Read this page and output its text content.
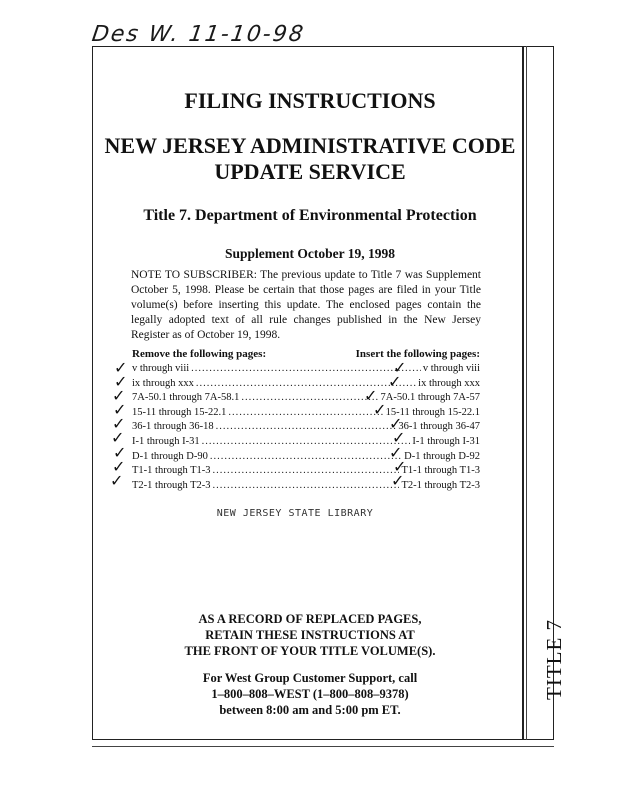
Des W. 11-10-98
FILING INSTRUCTIONS
NEW JERSEY ADMINISTRATIVE CODE
UPDATE SERVICE
Title 7. Department of Environmental Protection
Supplement October 19, 1998
NOTE TO SUBSCRIBER: The previous update to Title 7 was Supplement October 5, 1998. Please be certain that those pages are filed in your Title volume(s) before inserting this update. The enclosed pages contain the legally adopted text of all rule changes published in the New Jersey Register as of October 19, 1998.
Remove the following pages:	Insert the following pages:
v through viii .....	v through viii
ix through xxx .....	ix through xxx
7A-50.1 through 7A-58.1 .....	7A-50.1 through 7A-57
15-11 through 15-22.1 .....	15-11 through 15-22.1
36-1 through 36-18 .....	36-1 through 36-47
I-1 through I-31 .....	I-1 through I-31
D-1 through D-90 .....	D-1 through D-92
T1-1 through T1-3 .....	T1-1 through T1-3
T2-1 through T2-3 .....	T2-1 through T2-3
✓
✓
✓
✓
✓
✓
✓
✓
✓
✓
✓
✓
✓
✓
✓
✓
✓
✓
NEW JERSEY STATE LIBRARY
AS A RECORD OF REPLACED PAGES,
RETAIN THESE INSTRUCTIONS AT
THE FRONT OF YOUR TITLE VOLUME(S).
For West Group Customer Support, call
1–800–808–WEST (1–800–808–9378)
between 8:00 am and 5:00 pm ET.
TITLE 7
